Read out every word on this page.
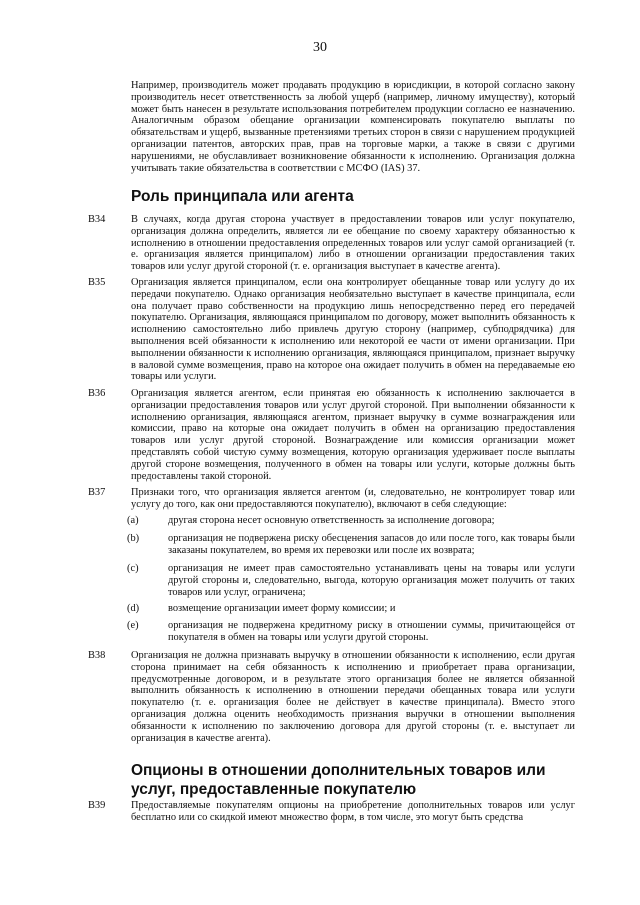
30
Например, производитель может продавать продукцию в юрисдикции, в которой согласно закону производитель несет ответственность за любой ущерб (например, личному имуществу), который может быть нанесен в результате использования потребителем продукции согласно ее назначению. Аналогичным образом обещание организации компенсировать покупателю выплаты по обязательствам и ущерб, вызванные претензиями третьих сторон в связи с нарушением продукцией организации патентов, авторских прав, прав на торговые марки, а также в связи с другими нарушениями, не обуславливает возникновение обязанности к исполнению. Организация должна учитывать такие обязательства в соответствии с МСФО (IAS) 37.
Роль принципала или агента
B34 В случаях, когда другая сторона участвует в предоставлении товаров или услуг покупателю, организация должна определить, является ли ее обещание по своему характеру обязанностью к исполнению в отношении предоставления определенных товаров или услуг самой организацией (т. е. организация является принципалом) либо в отношении организации предоставления таких товаров или услуг другой стороной (т. е. организация выступает в качестве агента).
B35 Организация является принципалом, если она контролирует обещанные товар или услугу до их передачи покупателю. Однако организация необязательно выступает в качестве принципала, если она получает право собственности на продукцию лишь непосредственно перед его передачей покупателю. Организация, являющаяся принципалом по договору, может выполнить обязанность к исполнению самостоятельно либо привлечь другую сторону (например, субподрядчика) для выполнения всей обязанности к исполнению или некоторой ее части от имени организации. При выполнении обязанности к исполнению организация, являющаяся принципалом, признает выручку в валовой сумме возмещения, право на которое она ожидает получить в обмен на передаваемые ею товары или услуги.
B36 Организация является агентом, если принятая ею обязанность к исполнению заключается в организации предоставления товаров или услуг другой стороной. При выполнении обязанности к исполнению организация, являющаяся агентом, признает выручку в сумме вознаграждения или комиссии, право на которые она ожидает получить в обмен на организацию предоставления товаров или услуг другой стороной. Вознаграждение или комиссия организации может представлять собой чистую сумму возмещения, которую организация удерживает после выплаты другой стороне возмещения, полученного в обмен на товары или услуги, которые должны быть предоставлены такой стороной.
B37 Признаки того, что организация является агентом (и, следовательно, не контролирует товар или услугу до того, как они предоставляются покупателю), включают в себя следующие:
(a)	другая сторона несет основную ответственность за исполнение договора;
(b)	организация не подвержена риску обесценения запасов до или после того, как товары были заказаны покупателем, во время их перевозки или после их возврата;
(c)	организация не имеет прав самостоятельно устанавливать цены на товары или услуги другой стороны и, следовательно, выгода, которую организация может получить от таких товаров или услуг, ограничена;
(d)	возмещение организации имеет форму комиссии; и
(e)	организация не подвержена кредитному риску в отношении суммы, причитающейся от покупателя в обмен на товары или услуги другой стороны.
B38 Организация не должна признавать выручку в отношении обязанности к исполнению, если другая сторона принимает на себя обязанность к исполнению и приобретает права организации, предусмотренные договором, и в результате этого организация более не является обязанной выполнить обязанность к исполнению в отношении передачи обещанных товара или услуги покупателю (т. е. организация более не действует в качестве принципала). Вместо этого организация должна оценить необходимость признания выручки в отношении выполнения обязанности к исполнению по заключению договора для другой стороны (т. е. выступает ли организация в качестве агента).
Опционы в отношении дополнительных товаров или услуг, предоставленные покупателю
B39 Предоставляемые покупателям опционы на приобретение дополнительных товаров или услуг бесплатно или со скидкой имеют множество форм, в том числе, это могут быть средства
